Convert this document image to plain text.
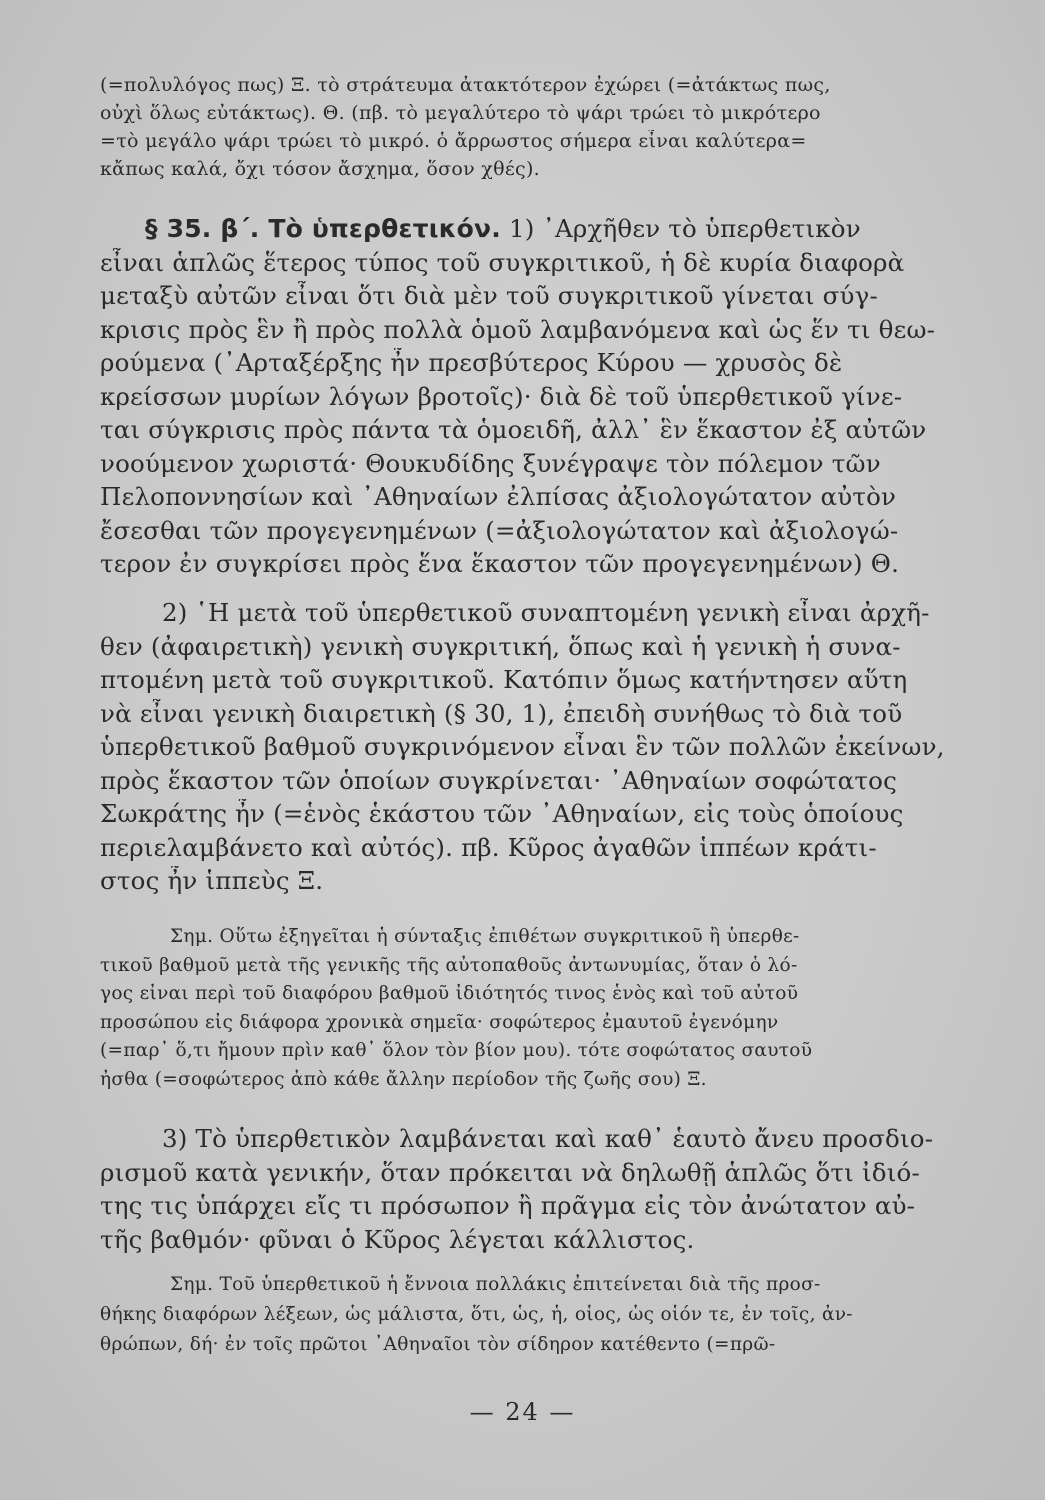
(=πολυλόγος πως) Ξ. τὸ στράτευμα ἀτακτότερον ἐχώρει (=ἀτάκτως πως,
οὐχὶ ὅλως εὐτάκτως). Θ. (πβ. τὸ μεγαλύτερο τὸ ψάρι τρώει τὸ μικρότερο
=τὸ μεγάλο ψάρι τρώει τὸ μικρό. ὁ ἄρρωστος σήμερα εἶναι καλύτερα=
κἄπως καλά, ὄχι τόσον ἄσχημα, ὅσον χθές).
§ 35. β΄. Τὸ ὑπερθετικόν. 1) ᾿Αρχῆθεν τὸ ὑπερθετικὸν
εἶναι ἁπλῶς ἕτερος τύπος τοῦ συγκριτικοῦ, ἡ δὲ κυρία διαφορὰ
μεταξὺ αὐτῶν εἶναι ὅτι διὰ μὲν τοῦ συγκριτικοῦ γίνεται σύγ-
κρισις πρὸς ἓν ἢ πρὸς πολλὰ ὁμοῦ λαμβανόμενα καὶ ὡς ἕν τι θεω-
ρούμενα (᾿Αρταξέρξης ἦν πρεσβύτερος Κύρου — χρυσὸς δὲ
κρείσσων μυρίων λόγων βροτοῖς)· διὰ δὲ τοῦ ὑπερθετικοῦ γίνε-
ται σύγκρισις πρὸς πάντα τὰ ὁμοειδῆ, ἀλλ᾿ ἓν ἕκαστον ἐξ αὐτῶν
νοούμενον χωριστά· Θουκυδίδης ξυνέγραψε τὸν πόλεμον τῶν
Πελοποννησίων καὶ ᾿Αθηναίων ἐλπίσας ἀξιολογώτατον αὐτὸν
ἔσεσθαι τῶν προγεγενημένων (=ἀξιολογώτατον καὶ ἀξιολογώ-
τερον ἐν συγκρίσει πρὸς ἕνα ἕκαστον τῶν προγεγενημένων) Θ.
2) ῾Η μετὰ τοῦ ὑπερθετικοῦ συναπτομένη γενικὴ εἶναι ἀρχῆ-
θεν (ἀφαιρετικὴ) γενικὴ συγκριτική, ὅπως καὶ ἡ γενικὴ ἡ συνα-
πτομένη μετὰ τοῦ συγκριτικοῦ. Κατόπιν ὅμως κατήντησεν αὕτη
νὰ εἶναι γενικὴ διαιρετικὴ (§ 30, 1), ἐπειδὴ συνήθως τὸ διὰ τοῦ
ὑπερθετικοῦ βαθμοῦ συγκρινόμενον εἶναι ἓν τῶν πολλῶν ἐκείνων,
πρὸς ἕκαστον τῶν ὁποίων συγκρίνεται· ᾿Αθηναίων σοφώτατος
Σωκράτης ἦν (=ἑνὸς ἑκάστου τῶν ᾿Αθηναίων, εἰς τοὺς ὁποίους
περιελαμβάνετο καὶ αὐτός). πβ. Κῦρος ἀγαθῶν ἱππέων κράτι-
στος ἦν ἱππεὺς Ξ.
Σημ. Οὕτω ἐξηγεῖται ἡ σύνταξις ἐπιθέτων συγκριτικοῦ ἢ ὑπερθε-
τικοῦ βαθμοῦ μετὰ τῆς γενικῆς τῆς αὐτοπαθοῦς ἀντωνυμίας, ὅταν ὁ λό-
γος εἶναι περὶ τοῦ διαφόρου βαθμοῦ ἰδιότητός τινος ἑνὸς καὶ τοῦ αὐτοῦ
προσώπου εἰς διάφορα χρονικὰ σημεῖα· σοφώτερος ἐμαυτοῦ ἐγενόμην
(=παρ᾿ ὅ,τι ἤμουν πρὶν καθ᾿ ὅλον τὸν βίον μου). τότε σοφώτατος σαυτοῦ
ἦσθα (=σοφώτερος ἀπὸ κάθε ἄλλην περίοδον τῆς ζωῆς σου) Ξ.
3) Τὸ ὑπερθετικὸν λαμβάνεται καὶ καθ᾿ ἑαυτὸ ἄνευ προσδιο-
ρισμοῦ κατὰ γενικήν, ὅταν πρόκειται νὰ δηλωθῇ ἁπλῶς ὅτι ἰδιό-
της τις ὑπάρχει εἴς τι πρόσωπον ἢ πρᾶγμα εἰς τὸν ἀνώτατον αὐ-
τῆς βαθμόν· φῦναι ὁ Κῦρος λέγεται κάλλιστος.
Σημ. Τοῦ ὑπερθετικοῦ ἡ ἔννοια πολλάκις ἐπιτείνεται διὰ τῆς προσ-
θήκης διαφόρων λέξεων, ὡς μάλιστα, ὅτι, ὡς, ἧ, οἷος, ὡς οἷόν τε, ἐν τοῖς, ἀν-
θρώπων, δή· ἐν τοῖς πρῶτοι ᾿Αθηναῖοι τὸν σίδηρον κατέθεντο (=πρῶ-
— 24 —
